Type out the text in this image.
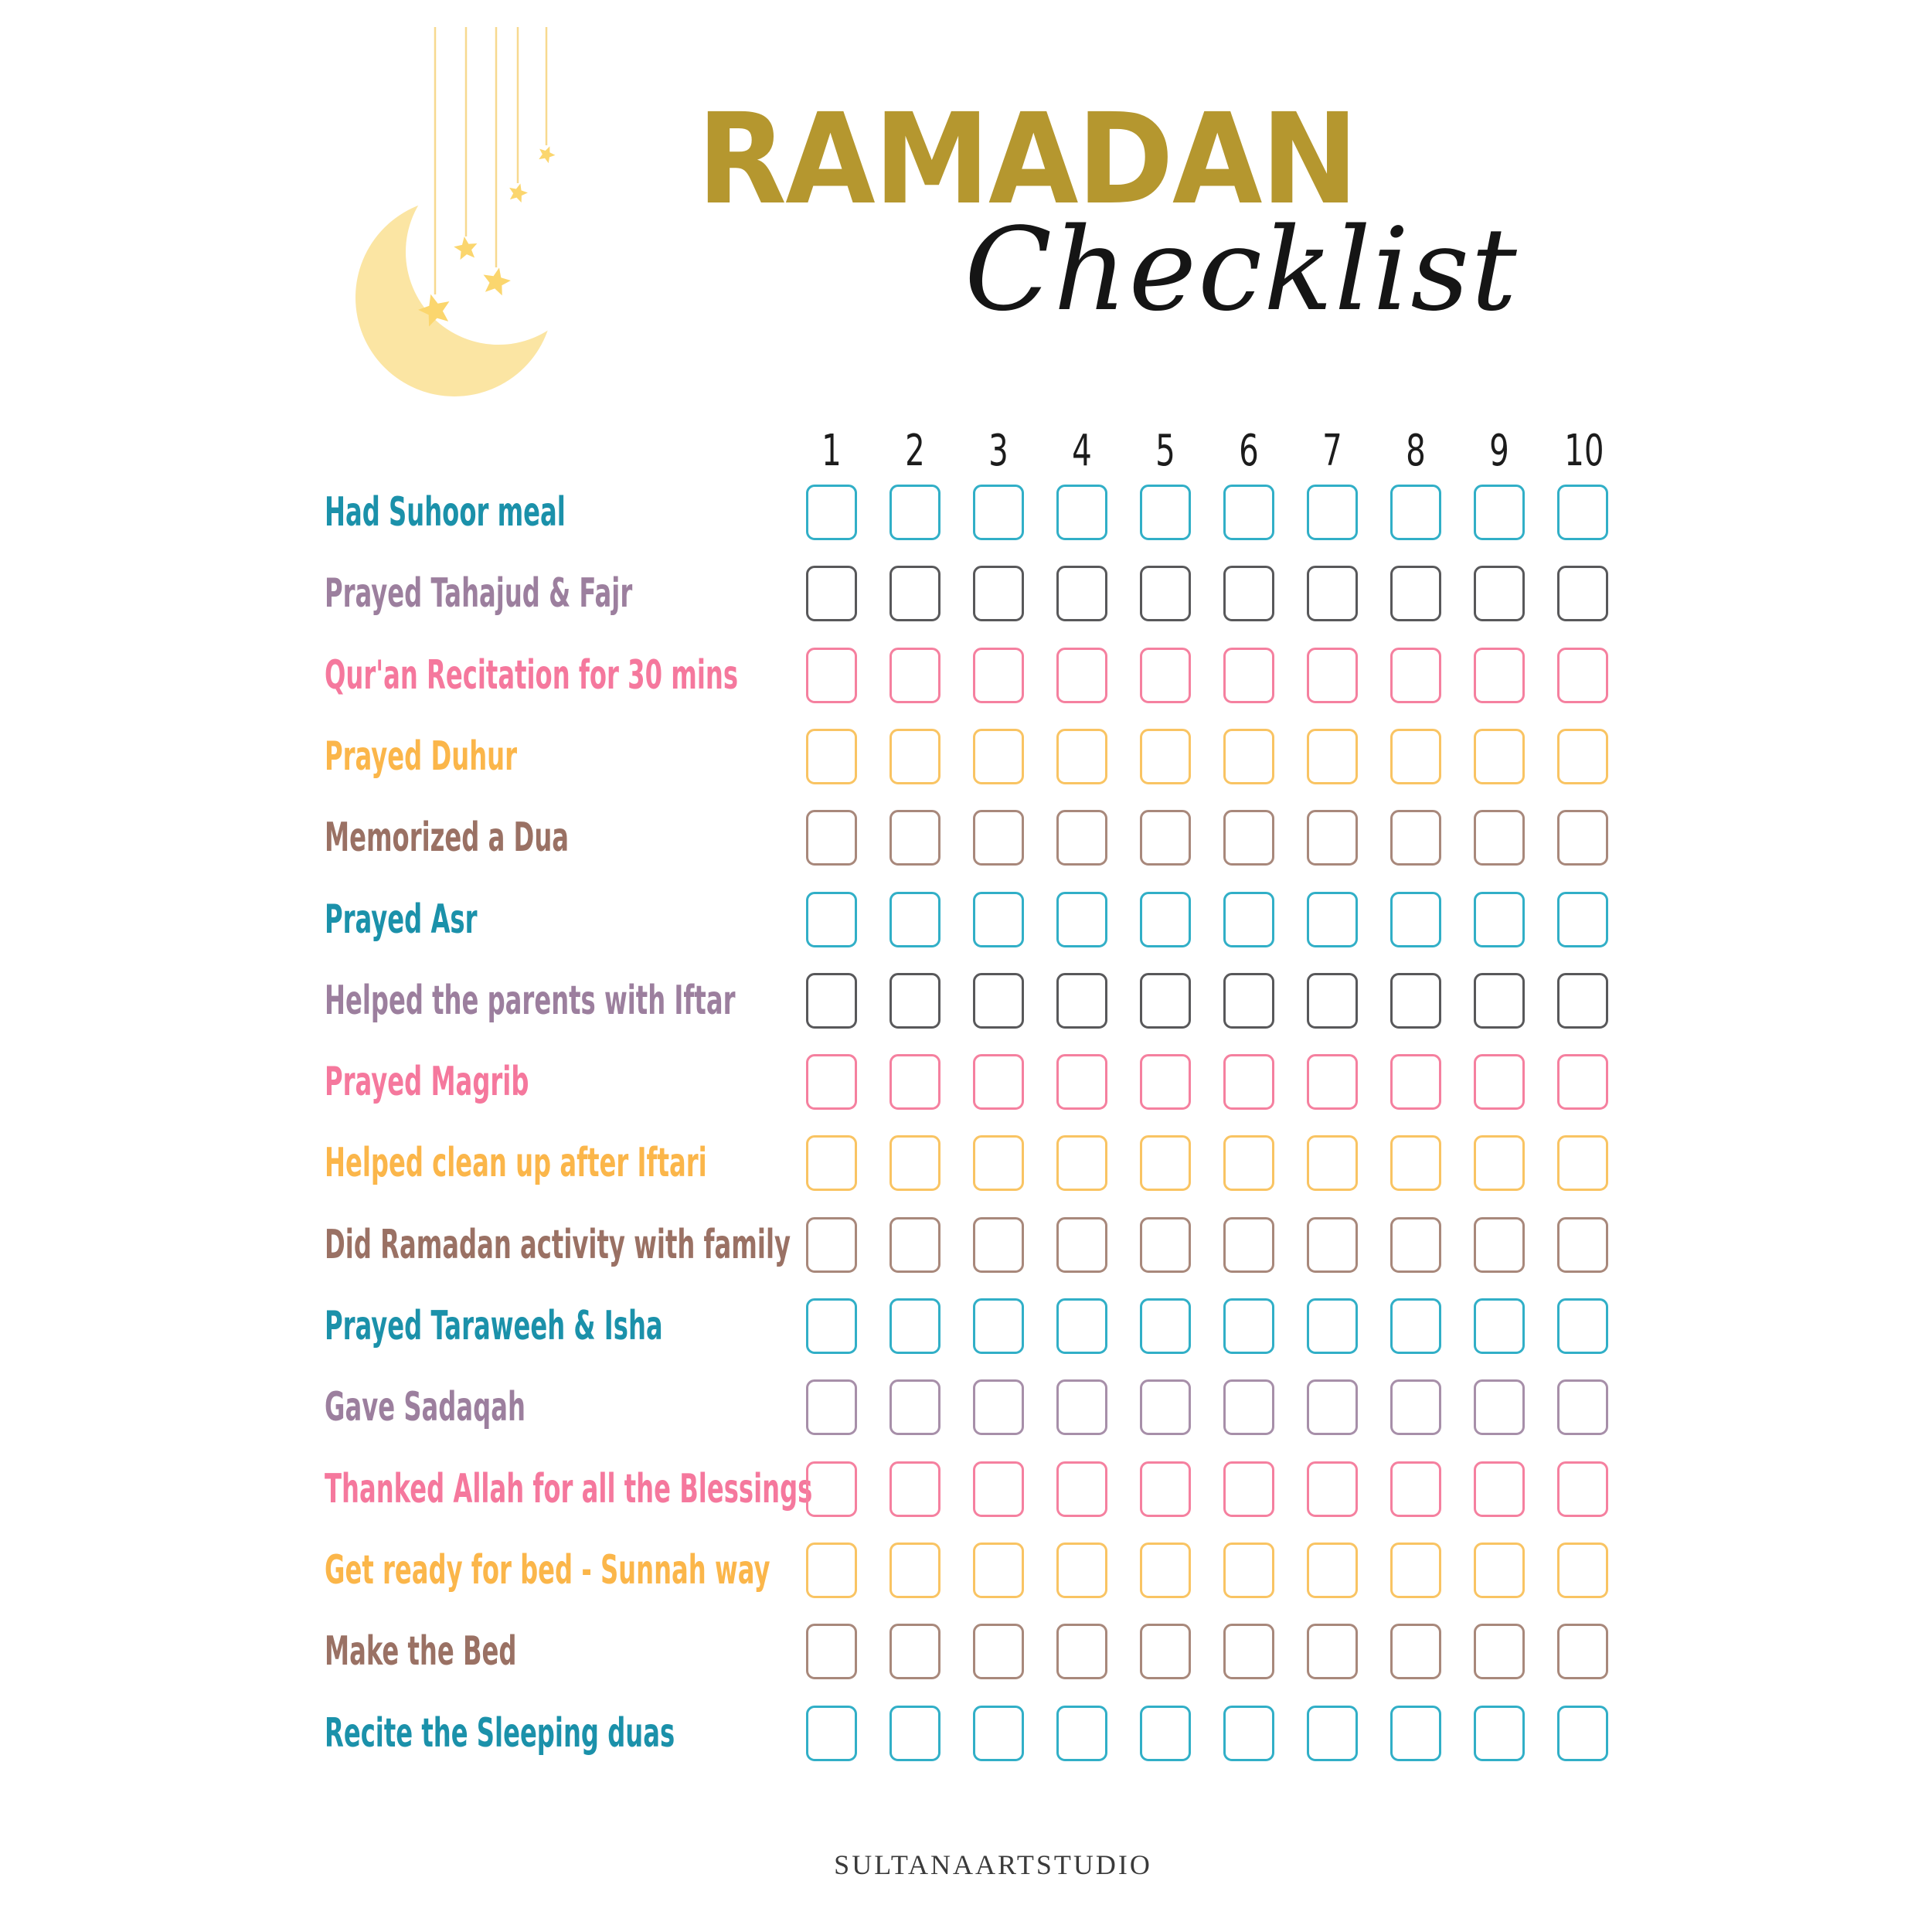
RAMADAN
Checklist
1 2 3 4 5 6 7 8 9 10
Had Suhoor meal
Prayed Tahajud & Fajr
Qur'an Recitation for 30 mins
Prayed Duhur
Memorized a Dua
Prayed Asr
Helped the parents with Iftar
Prayed Magrib
Helped clean up after Iftari
Did Ramadan activity with family
Prayed Taraweeh & Isha
Gave Sadaqah
Thanked Allah for all the Blessings
Get ready for bed - Sunnah way
Make the Bed
Recite the Sleeping duas
SULTANAARTSTUDIO
